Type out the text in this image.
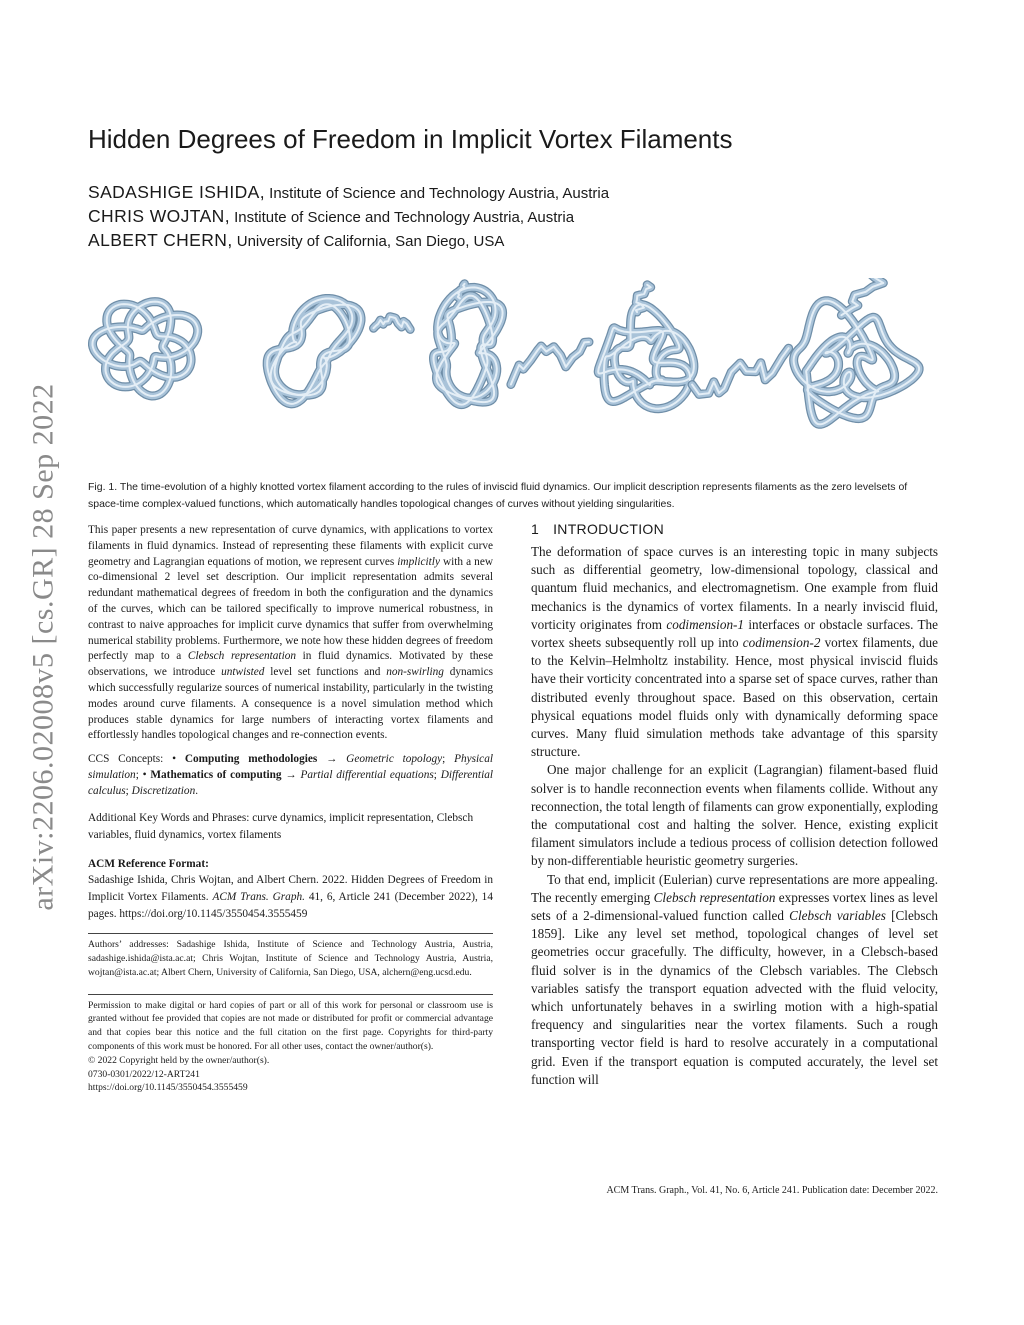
arXiv:2206.02008v5 [cs.GR] 28 Sep 2022
Hidden Degrees of Freedom in Implicit Vortex Filaments
SADASHIGE ISHIDA, Institute of Science and Technology Austria, Austria
CHRIS WOJTAN, Institute of Science and Technology Austria, Austria
ALBERT CHERN, University of California, San Diego, USA
Fig. 1. The time-evolution of a highly knotted vortex filament according to the rules of inviscid fluid dynamics. Our implicit description represents filaments as the zero levelsets of space-time complex-valued functions, which automatically handles topological changes of curves without yielding singularities.

This paper presents a new representation of curve dynamics, with applications to vortex filaments in fluid dynamics. Instead of representing these filaments with explicit curve geometry and Lagrangian equations of motion, we represent curves implicitly with a new co-dimensional 2 level set description. Our implicit representation admits several redundant mathematical degrees of freedom in both the configuration and the dynamics of the curves, which can be tailored specifically to improve numerical robustness, in contrast to naive approaches for implicit curve dynamics that suffer from overwhelming numerical stability problems. Furthermore, we note how these hidden degrees of freedom perfectly map to a Clebsch representation in fluid dynamics. Motivated by these observations, we introduce untwisted level set functions and non-swirling dynamics which successfully regularize sources of numerical instability, particularly in the twisting modes around curve filaments. A consequence is a novel simulation method which produces stable dynamics for large numbers of interacting vortex filaments and effortlessly handles topological changes and re-connection events.

CCS Concepts: • Computing methodologies → Geometric topology; Physical simulation; • Mathematics of computing → Partial differential equations; Differential calculus; Discretization.

Additional Key Words and Phrases: curve dynamics, implicit representation, Clebsch variables, fluid dynamics, vortex filaments

ACM Reference Format:

Sadashige Ishida, Chris Wojtan, and Albert Chern. 2022. Hidden Degrees of Freedom in Implicit Vortex Filaments. ACM Trans. Graph. 41, 6, Article 241 (December 2022), 14 pages. https://doi.org/10.1145/3550454.3555459

Authors’ addresses: Sadashige Ishida, Institute of Science and Technology Austria, Austria, sadashige.ishida@ista.ac.at; Chris Wojtan, Institute of Science and Technology Austria, Austria, wojtan@ista.ac.at; Albert Chern, University of California, San Diego, USA, alchern@eng.ucsd.edu.

Permission to make digital or hard copies of part or all of this work for personal or classroom use is granted without fee provided that copies are not made or distributed for profit or commercial advantage and that copies bear this notice and the full citation on the first page. Copyrights for third-party components of this work must be honored. For all other uses, contact the owner/author(s).

© 2022 Copyright held by the owner/author(s).
0730-0301/2022/12-ART241
https://doi.org/10.1145/3550454.3555459
1 INTRODUCTION

The deformation of space curves is an interesting topic in many subjects such as differential geometry, low-dimensional topology, classical and quantum fluid mechanics, and electromagnetism. One example from fluid mechanics is the dynamics of vortex filaments. In a nearly inviscid fluid, vorticity originates from codimension-1 interfaces or obstacle surfaces. The vortex sheets subsequently roll up into codimension-2 vortex filaments, due to the Kelvin–Helmholtz instability. Hence, most physical inviscid fluids have their vorticity concentrated into a sparse set of space curves, rather than distributed evenly throughout space. Based on this observation, certain physical equations model fluids only with dynamically deforming space curves. Many fluid simulation methods take advantage of this sparsity structure.

One major challenge for an explicit (Lagrangian) filament-based fluid solver is to handle reconnection events when filaments collide. Without any reconnection, the total length of filaments can grow exponentially, exploding the computational cost and halting the solver. Hence, existing explicit filament simulators include a tedious process of collision detection followed by non-differentiable heuristic geometry surgeries.

To that end, implicit (Eulerian) curve representations are more appealing. The recently emerging Clebsch representation expresses vortex lines as level sets of a 2-dimensional-valued function called Clebsch variables [Clebsch 1859]. Like any level set method, topological changes of level set geometries occur gracefully. The difficulty, however, in a Clebsch-based fluid solver is in the dynamics of the Clebsch variables. The Clebsch variables satisfy the transport equation advected with the fluid velocity, which unfortunately behaves in a swirling motion with a high-spatial frequency and singularities near the vortex filaments. Such a rough transporting vector field is hard to resolve accurately in a computational grid. Even if the transport equation is computed accurately, the level set function will

ACM Trans. Graph., Vol. 41, No. 6, Article 241. Publication date: December 2022.
